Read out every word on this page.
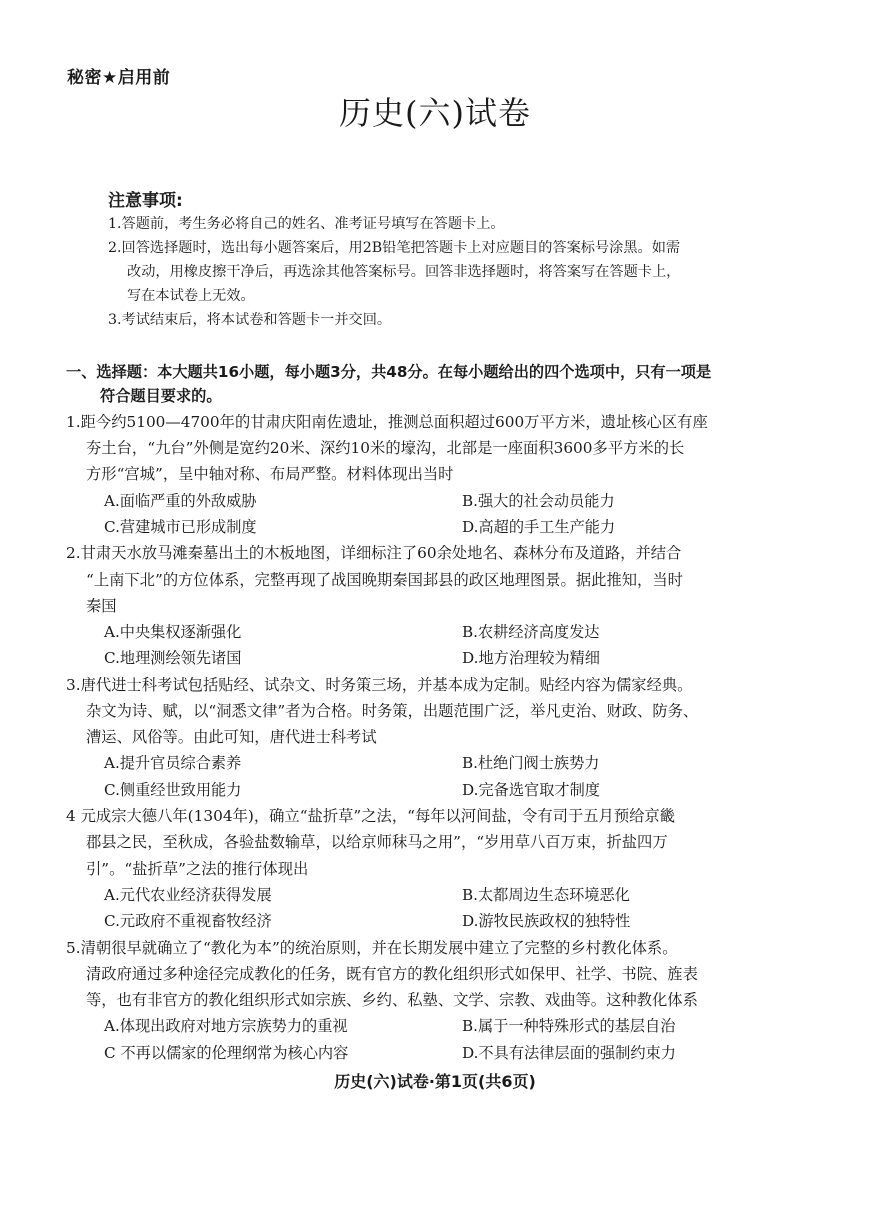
秘密★启用前
历史(六)试卷
注意事项:
1.答题前，考生务必将自己的姓名、准考证号填写在答题卡上。
2.回答选择题时，选出每小题答案后，用2B铅笔把答题卡上对应题目的答案标号涂黑。如需
改动，用橡皮擦干净后，再选涂其他答案标号。回答非选择题时，将答案写在答题卡上，
写在本试卷上无效。
3.考试结束后，将本试卷和答题卡一并交回。
一、选择题：本大题共16小题，每小题3分，共48分。在每小题给出的四个选项中，只有一项是
符合题目要求的。
1.距今约5100—4700年的甘肃庆阳南佐遗址，推测总面积超过600万平方米，遗址核心区有座
夯土台，“九台”外侧是宽约20米、深约10米的壕沟，北部是一座面积3600多平方米的长
方形“宫城”，呈中轴对称、布局严整。材料体现出当时
A.面临严重的外敌威胁	B.强大的社会动员能力
C.营建城市已形成制度	D.高超的手工生产能力
2.甘肃天水放马滩秦墓出土的木板地图，详细标注了60余处地名、森林分布及道路，并结合
“上南下北”的方位体系，完整再现了战国晚期秦国邽县的政区地理图景。据此推知，当时
秦国
A.中央集权逐渐强化	B.农耕经济高度发达
C.地理测绘领先诸国	D.地方治理较为精细
3.唐代进士科考试包括贴经、试杂文、时务策三场，并基本成为定制。贴经内容为儒家经典。
杂文为诗、赋，以“洞悉文律”者为合格。时务策，出题范围广泛，举凡吏治、财政、防务、
漕运、风俗等。由此可知，唐代进士科考试
A.提升官员综合素养	B.杜绝门阀士族势力
C.侧重经世致用能力	D.完备选官取才制度
4 元成宗大德八年(1304年)，确立“盐折草”之法，“每年以河间盐，令有司于五月预给京畿
郡县之民，至秋成，各验盐数输草，以给京师秣马之用”，“岁用草八百万束，折盐四万
引”。“盐折草”之法的推行体现出
A.元代农业经济获得发展	B.太都周边生态环境恶化
C.元政府不重视畜牧经济	D.游牧民族政权的独特性
5.清朝很早就确立了“教化为本”的统治原则，并在长期发展中建立了完整的乡村教化体系。
清政府通过多种途径完成教化的任务，既有官方的教化组织形式如保甲、社学、书院、旌表
等，也有非官方的教化组织形式如宗族、乡约、私塾、文学、宗教、戏曲等。这种教化体系
A.体现出政府对地方宗族势力的重视	B.属于一种特殊形式的基层自治
C 不再以儒家的伦理纲常为核心内容	D.不具有法律层面的强制约束力
历史(六)试卷·第1页(共6页)
